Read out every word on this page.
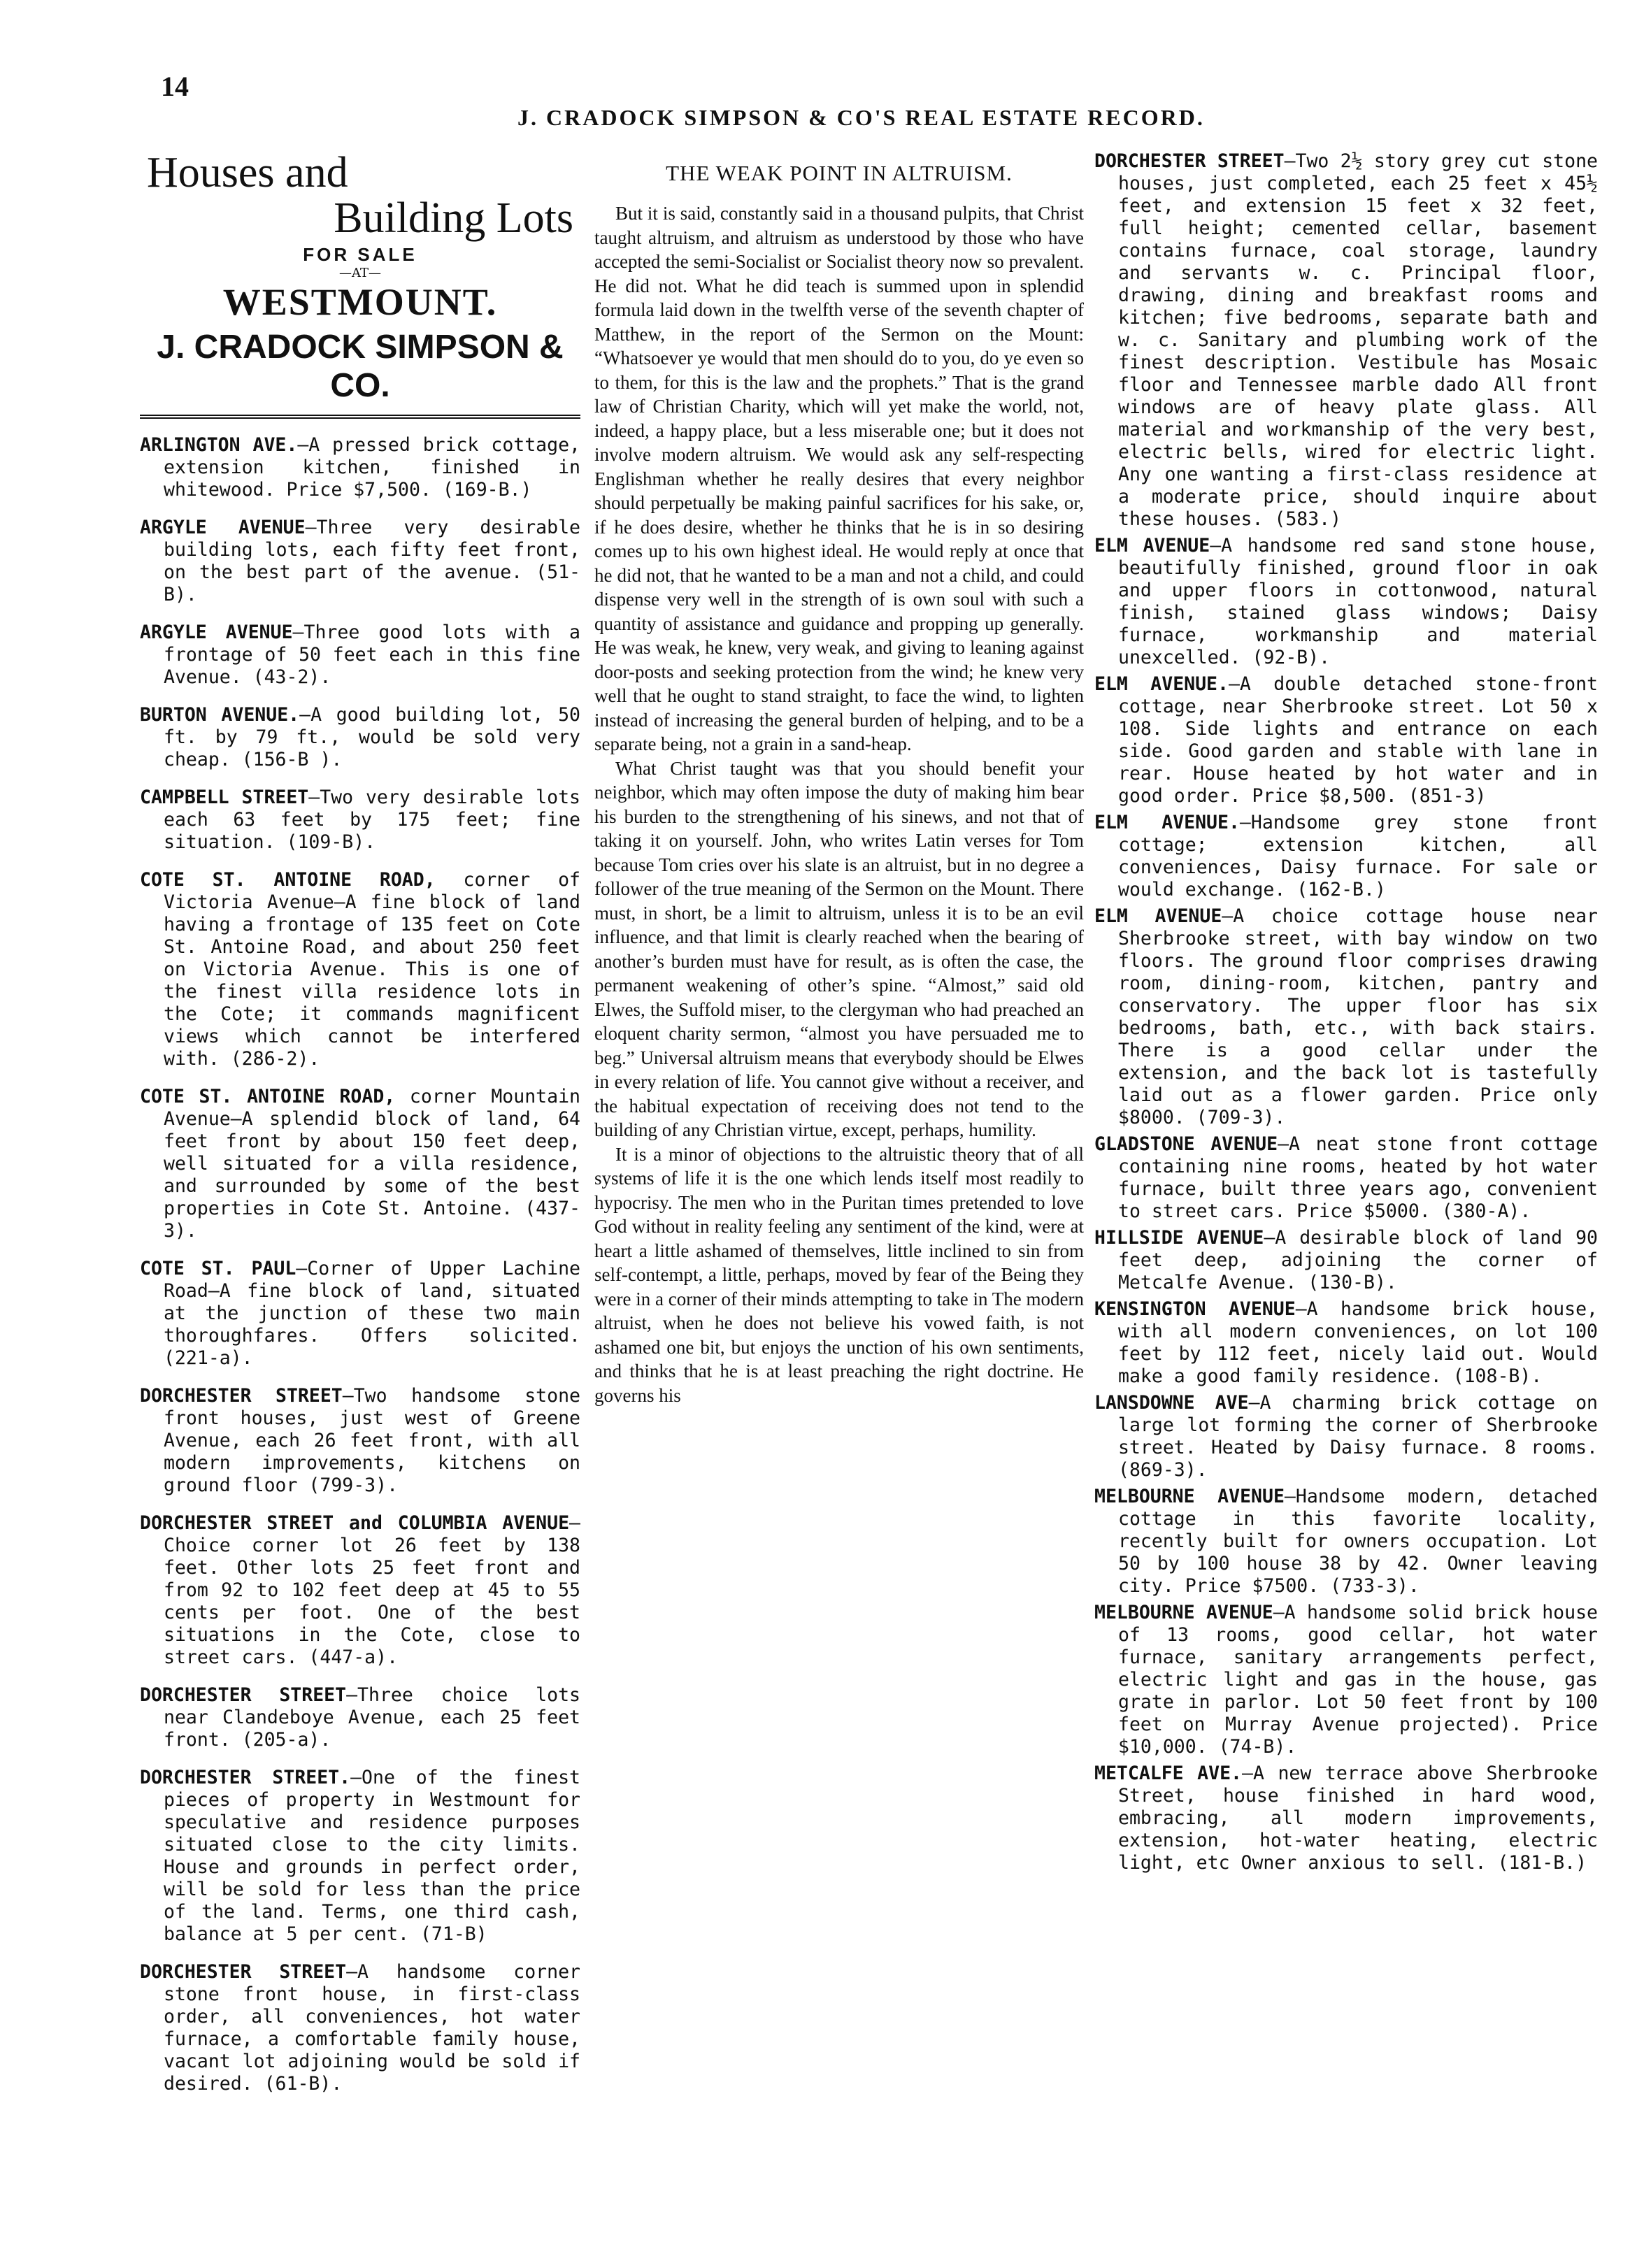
14
J. CRADOCK SIMPSON & CO'S REAL ESTATE RECORD.
Houses and
Building Lots
FOR SALE
—AT—
WESTMOUNT.
J. CRADOCK SIMPSON & CO.

ARLINGTON AVE.—A pressed brick cottage, extension kitchen, finished in whitewood. Price $7,500. (169-B.)

ARGYLE AVENUE—Three very desirable building lots, each fifty feet front, on the best part of the avenue. (51-B).

ARGYLE AVENUE—Three good lots with a frontage of 50 feet each in this fine Avenue. (43-2).

BURTON AVENUE.—A good building lot, 50 ft. by 79 ft., would be sold very cheap. (156-B ).

CAMPBELL STREET—Two very desirable lots each 63 feet by 175 feet; fine situation. (109-B).

COTE ST. ANTOINE ROAD, corner of Victoria Avenue—A fine block of land having a frontage of 135 feet on Cote St. Antoine Road, and about 250 feet on Victoria Avenue. This is one of the finest villa residence lots in the Cote; it commands magnificent views which cannot be interfered with. (286-2).

COTE ST. ANTOINE ROAD, corner Mountain Avenue—A splendid block of land, 64 feet front by about 150 feet deep, well situated for a villa residence, and surrounded by some of the best properties in Cote St. Antoine. (437-3).

COTE ST. PAUL—Corner of Upper Lachine Road—A fine block of land, situated at the junction of these two main thoroughfares. Offers solicited. (221-a).

DORCHESTER STREET—Two handsome stone front houses, just west of Greene Avenue, each 26 feet front, with all modern improvements, kitchens on ground floor (799-3).

DORCHESTER STREET and COLUMBIA AVENUE—Choice corner lot 26 feet by 138 feet. Other lots 25 feet front and from 92 to 102 feet deep at 45 to 55 cents per foot. One of the best situations in the Cote, close to street cars. (447-a).

DORCHESTER STREET—Three choice lots near Clandeboye Avenue, each 25 feet front. (205-a).

DORCHESTER STREET.—One of the finest pieces of property in Westmount for speculative and residence purposes situated close to the city limits. House and grounds in perfect order, will be sold for less than the price of the land. Terms, one third cash, balance at 5 per cent. (71-B)

DORCHESTER STREET—A handsome corner stone front house, in first-class order, all conveniences, hot water furnace, a comfortable family house, vacant lot adjoining would be sold if desired. (61-B).

THE WEAK POINT IN ALTRUISM.

But it is said, constantly said in a thousand pulpits, that Christ taught altruism, and altruism as understood by those who have accepted the semi-Socialist or Socialist theory now so prevalent. He did not. What he did teach is summed upon in splendid formula laid down in the twelfth verse of the seventh chapter of Matthew, in the report of the Sermon on the Mount: “Whatsoever ye would that men should do to you, do ye even so to them, for this is the law and the prophets.” That is the grand law of Christian Charity, which will yet make the world, not, indeed, a happy place, but a less miserable one; but it does not involve modern altruism. We would ask any self-respecting Englishman whether he really desires that every neighbor should perpetually be making painful sacrifices for his sake, or, if he does desire, whether he thinks that he is in so desiring comes up to his own highest ideal. He would reply at once that he did not, that he wanted to be a man and not a child, and could dispense very well in the strength of is own soul with such a quantity of assistance and guidance and propping up generally. He was weak, he knew, very weak, and giving to leaning against door-posts and seeking protection from the wind; he knew very well that he ought to stand straight, to face the wind, to lighten instead of increasing the general burden of helping, and to be a separate being, not a grain in a sand-heap.

What Christ taught was that you should benefit your neighbor, which may often impose the duty of making him bear his burden to the strengthening of his sinews, and not that of taking it on yourself. John, who writes Latin verses for Tom because Tom cries over his slate is an altruist, but in no degree a follower of the true meaning of the Sermon on the Mount. There must, in short, be a limit to altruism, unless it is to be an evil influence, and that limit is clearly reached when the bearing of another’s burden must have for result, as is often the case, the permanent weakening of other’s spine. “Almost,” said old Elwes, the Suffold miser, to the clergyman who had preached an eloquent charity sermon, “almost you have persuaded me to beg.” Universal altruism means that everybody should be Elwes in every relation of life. You cannot give without a receiver, and the habitual expectation of receiving does not tend to the building of any Christian virtue, except, perhaps, humility.

It is a minor of objections to the altruistic theory that of all systems of life it is the one which lends itself most readily to hypocrisy. The men who in the Puritan times pretended to love God without in reality feeling any sentiment of the kind, were at heart a little ashamed of themselves, little inclined to sin from self-contempt, a little, perhaps, moved by fear of the Being they were in a corner of their minds attempting to take in The modern altruist, when he does not believe his vowed faith, is not ashamed one bit, but enjoys the unction of his own sentiments, and thinks that he is at least preaching the right doctrine. He governs his

DORCHESTER STREET—Two 2½ story grey cut stone houses, just completed, each 25 feet x 45½ feet, and extension 15 feet x 32 feet, full height; cemented cellar, basement contains furnace, coal storage, laundry and servants w. c. Principal floor, drawing, dining and breakfast rooms and kitchen; five bedrooms, separate bath and w. c. Sanitary and plumbing work of the finest description. Vestibule has Mosaic floor and Tennessee marble dado All front windows are of heavy plate glass. All material and workmanship of the very best, electric bells, wired for electric light. Any one wanting a first-class residence at a moderate price, should inquire about these houses. (583.)

ELM AVENUE—A handsome red sand stone house, beautifully finished, ground floor in oak and upper floors in cottonwood, natural finish, stained glass windows; Daisy furnace, workmanship and material unexcelled. (92-B).

ELM AVENUE.—A double detached stone-front cottage, near Sherbrooke street. Lot 50 x 108. Side lights and entrance on each side. Good garden and stable with lane in rear. House heated by hot water and in good order. Price $8,500. (851-3)

ELM AVENUE.—Handsome grey stone front cottage; extension kitchen, all conveniences, Daisy furnace. For sale or would exchange. (162-B.)

ELM AVENUE—A choice cottage house near Sherbrooke street, with bay window on two floors. The ground floor comprises drawing room, dining-room, kitchen, pantry and conservatory. The upper floor has six bedrooms, bath, etc., with back stairs. There is a good cellar under the extension, and the back lot is tastefully laid out as a flower garden. Price only $8000. (709-3).

GLADSTONE AVENUE—A neat stone front cottage containing nine rooms, heated by hot water furnace, built three years ago, convenient to street cars. Price $5000. (380-A).

HILLSIDE AVENUE—A desirable block of land 90 feet deep, adjoining the corner of Metcalfe Avenue. (130-B).

KENSINGTON AVENUE—A handsome brick house, with all modern conveniences, on lot 100 feet by 112 feet, nicely laid out. Would make a good family residence. (108-B).

LANSDOWNE AVE—A charming brick cottage on large lot forming the corner of Sherbrooke street. Heated by Daisy furnace. 8 rooms. (869-3).

MELBOURNE AVENUE—Handsome modern, detached cottage in this favorite locality, recently built for owners occupation. Lot 50 by 100 house 38 by 42. Owner leaving city. Price $7500. (733-3).

MELBOURNE AVENUE—A handsome solid brick house of 13 rooms, good cellar, hot water furnace, sanitary arrangements perfect, electric light and gas in the house, gas grate in parlor. Lot 50 feet front by 100 feet on Murray Avenue projected). Price $10,000. (74-B).

METCALFE AVE.—A new terrace above Sherbrooke Street, house finished in hard wood, embracing, all modern improvements, extension, hot-water heating, electric light, etc Owner anxious to sell. (181-B.)
